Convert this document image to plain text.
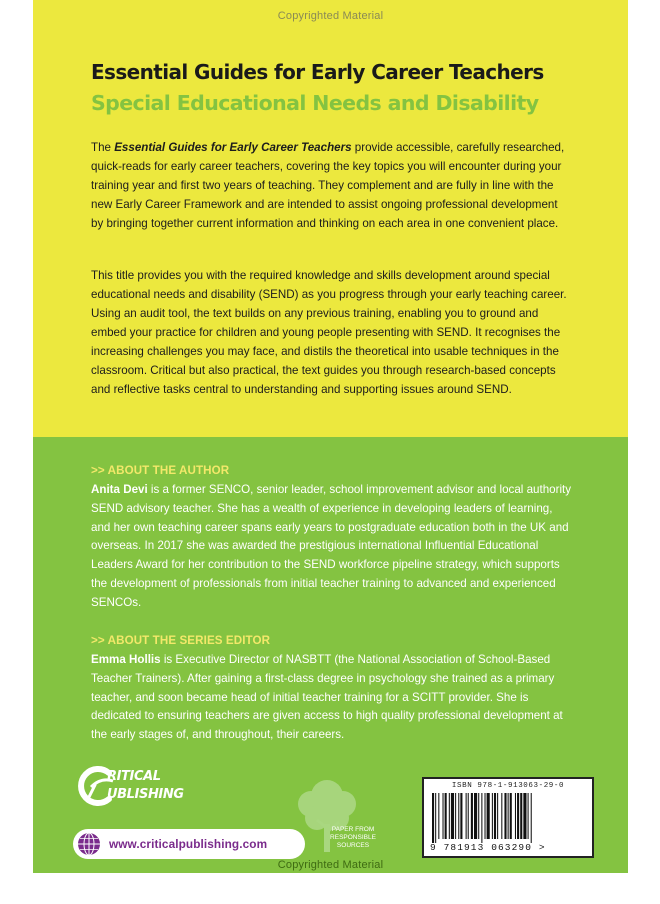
Copyrighted Material
Essential Guides for Early Career Teachers
Special Educational Needs and Disability

The Essential Guides for Early Career Teachers provide accessible, carefully researched, quick-reads for early career teachers, covering the key topics you will encounter during your training year and first two years of teaching. They complement and are fully in line with the new Early Career Framework and are intended to assist ongoing professional development by bringing together current information and thinking on each area in one convenient place.

This title provides you with the required knowledge and skills development around special educational needs and disability (SEND) as you progress through your early teaching career. Using an audit tool, the text builds on any previous training, enabling you to ground and embed your practice for children and young people presenting with SEND. It recognises the increasing challenges you may face, and distils the theoretical into usable techniques in the classroom. Critical but also practical, the text guides you through research-based concepts and reflective tasks central to understanding and supporting issues around SEND.

>> ABOUT THE AUTHOR

Anita Devi is a former SENCO, senior leader, school improvement advisor and local authority SEND advisory teacher. She has a wealth of experience in developing leaders of learning, and her own teaching career spans early years to postgraduate education both in the UK and overseas. In 2017 she was awarded the prestigious international Influential Educational Leaders Award for her contribution to the SEND workforce pipeline strategy, which supports the development of professionals from initial teacher training to advanced and experienced SENCOs.

>> ABOUT THE SERIES EDITOR

Emma Hollis is Executive Director of NASBTT (the National Association of School-Based Teacher Trainers). After gaining a first-class degree in psychology she trained as a primary teacher, and soon became head of initial teacher training for a SCITT provider. She is dedicated to ensuring teachers are given access to high quality professional development at the early stages of, and throughout, their careers.

RITICAL
UBLISHING
www.criticalpublishing.com
PAPER FROM RESPONSIBLE SOURCES
ISBN 978-1-913063-29-0
9 781913 063290 >
Copyrighted Material
